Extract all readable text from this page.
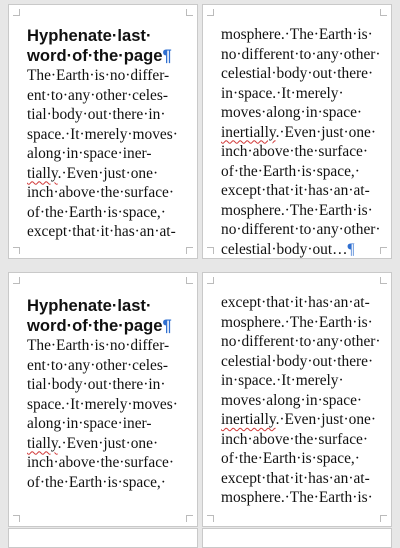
Hyphenate·last·
word·of·the·page¶
The·Earth·is·no·differ-
ent·to·any·other·celes-
tial·body·out·there·in·
space.·It·merely·moves·
along·in·space·iner-
tially.·Even·just·one·
inch·above·the·surface·
of·the·Earth·is·space,·
except·that·it·has·an·at-
mosphere.·The·Earth·is·
no·different·to·any·other·
celestial·body·out·there·
in·space.·It·merely·
moves·along·in·space·
inertially.·Even·just·one·
inch·above·the·surface·
of·the·Earth·is·space,·
except·that·it·has·an·at-
mosphere.·The·Earth·is·
no·different·to·any·other·
celestial·body·out…¶
Hyphenate·last·
word·of·the·page¶
The·Earth·is·no·differ-
ent·to·any·other·celes-
tial·body·out·there·in·
space.·It·merely·moves·
along·in·space·iner-
tially.·Even·just·one·
inch·above·the·surface·
of·the·Earth·is·space,·
except·that·it·has·an·at-
mosphere.·The·Earth·is·
no·different·to·any·other·
celestial·body·out·there·
in·space.·It·merely·
moves·along·in·space·
inertially.·Even·just·one·
inch·above·the·surface·
of·the·Earth·is·space,·
except·that·it·has·an·at-
mosphere.·The·Earth·is·
